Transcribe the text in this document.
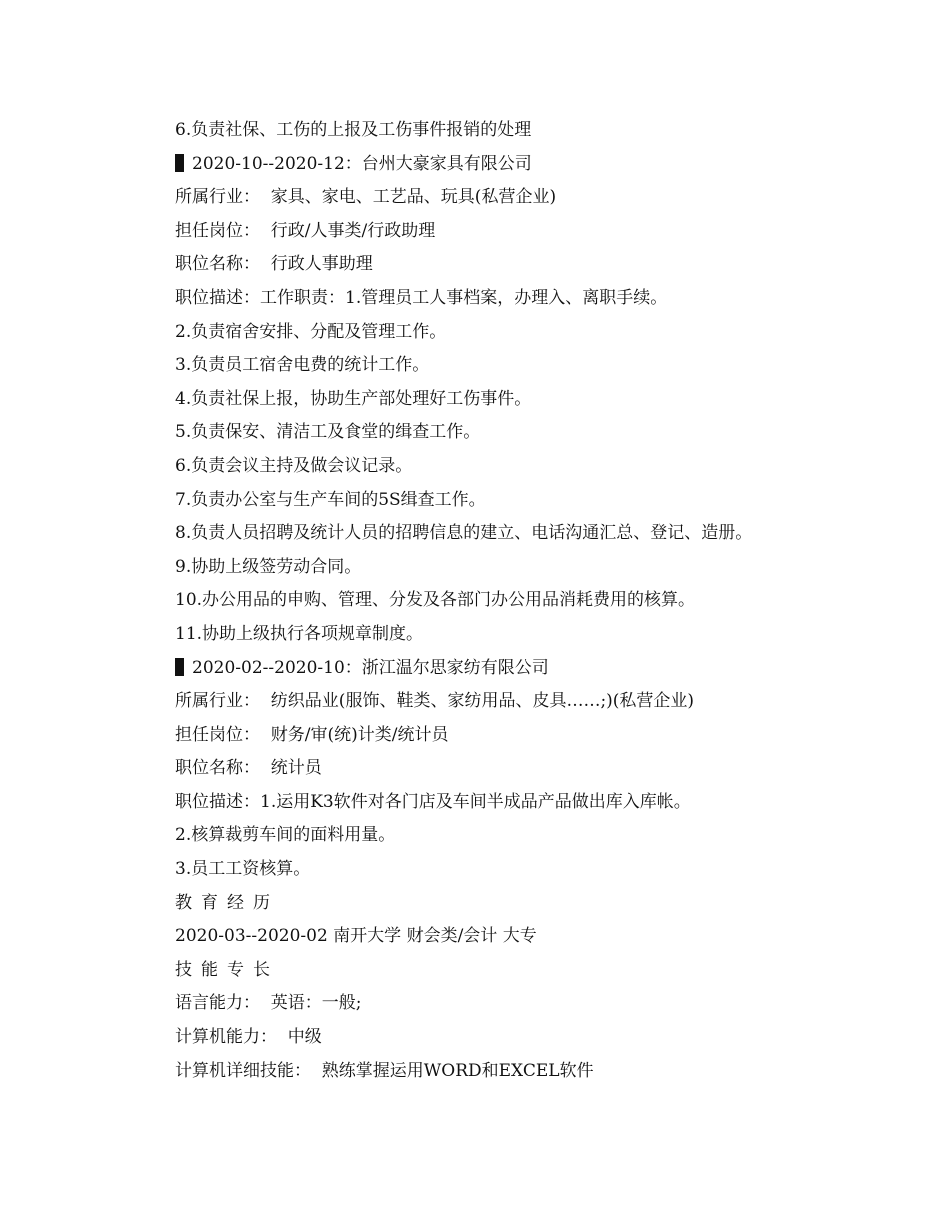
6.负责社保、工伤的上报及工伤事件报销的处理
2020-10--2020-12：台州大豪家具有限公司
所属行业：  家具、家电、工艺品、玩具(私营企业)
担任岗位：  行政/人事类/行政助理
职位名称：  行政人事助理
职位描述：工作职责：1.管理员工人事档案，办理入、离职手续。
2.负责宿舍安排、分配及管理工作。
3.负责员工宿舍电费的统计工作。
4.负责社保上报，协助生产部处理好工伤事件。
5.负责保安、清洁工及食堂的缉查工作。
6.负责会议主持及做会议记录。
7.负责办公室与生产车间的5S缉查工作。
8.负责人员招聘及统计人员的招聘信息的建立、电话沟通汇总、登记、造册。
9.协助上级签劳动合同。
10.办公用品的申购、管理、分发及各部门办公用品消耗费用的核算。
11.协助上级执行各项规章制度。
2020-02--2020-10：浙江温尔思家纺有限公司
所属行业：  纺织品业(服饰、鞋类、家纺用品、皮具……;)(私营企业)
担任岗位：  财务/审(统)计类/统计员
职位名称：  统计员
职位描述：1.运用K3软件对各门店及车间半成品产品做出库入库帐。
2.核算裁剪车间的面料用量。
3.员工工资核算。
教育经历
2020-03--2020-02 南开大学 财会类/会计 大专
技能专长
语言能力：  英语：一般;
计算机能力：  中级
计算机详细技能：  熟练掌握运用WORD和EXCEL软件
